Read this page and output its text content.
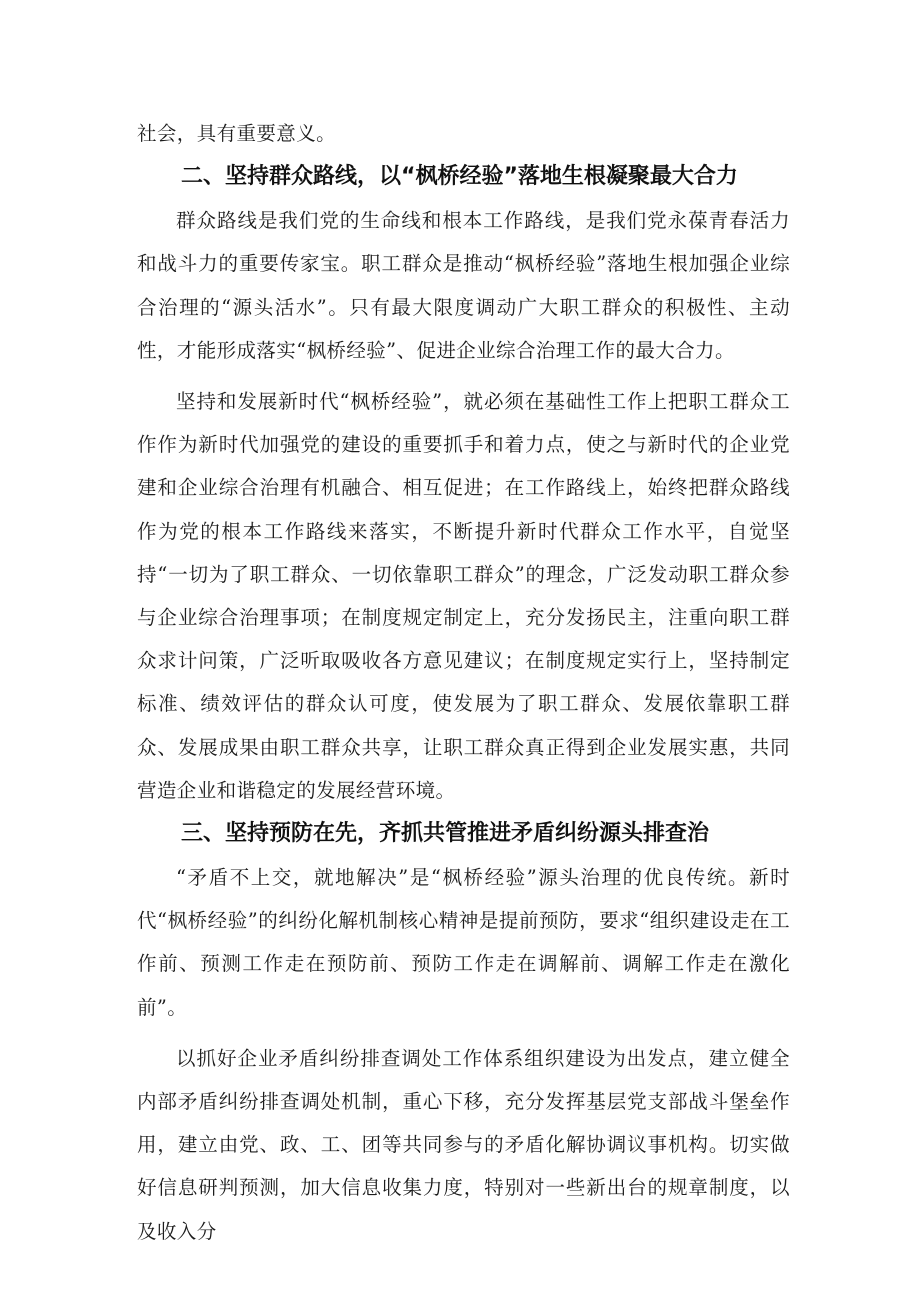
社会，具有重要意义。

二、坚持群众路线，以“枫桥经验”落地生根凝聚最大合力

群众路线是我们党的生命线和根本工作路线，是我们党永葆青春活力和战斗力的重要传家宝。职工群众是推动“枫桥经验”落地生根加强企业综合治理的“源头活水”。只有最大限度调动广大职工群众的积极性、主动性，才能形成落实“枫桥经验”、促进企业综合治理工作的最大合力。

坚持和发展新时代“枫桥经验”，就必须在基础性工作上把职工群众工作作为新时代加强党的建设的重要抓手和着力点，使之与新时代的企业党建和企业综合治理有机融合、相互促进；在工作路线上，始终把群众路线作为党的根本工作路线来落实，不断提升新时代群众工作水平，自觉坚持“一切为了职工群众、一切依靠职工群众”的理念，广泛发动职工群众参与企业综合治理事项；在制度规定制定上，充分发扬民主，注重向职工群众求计问策，广泛听取吸收各方意见建议；在制度规定实行上，坚持制定标准、绩效评估的群众认可度，使发展为了职工群众、发展依靠职工群众、发展成果由职工群众共享，让职工群众真正得到企业发展实惠，共同营造企业和谐稳定的发展经营环境。

三、坚持预防在先，齐抓共管推进矛盾纠纷源头排查治

“矛盾不上交，就地解决”是“枫桥经验”源头治理的优良传统。新时代“枫桥经验”的纠纷化解机制核心精神是提前预防，要求“组织建设走在工作前、预测工作走在预防前、预防工作走在调解前、调解工作走在激化前”。

以抓好企业矛盾纠纷排查调处工作体系组织建设为出发点，建立健全内部矛盾纠纷排查调处机制，重心下移，充分发挥基层党支部战斗堡垒作用，建立由党、政、工、团等共同参与的矛盾化解协调议事机构。切实做好信息研判预测，加大信息收集力度，特别对一些新出台的规章制度，以及收入分
